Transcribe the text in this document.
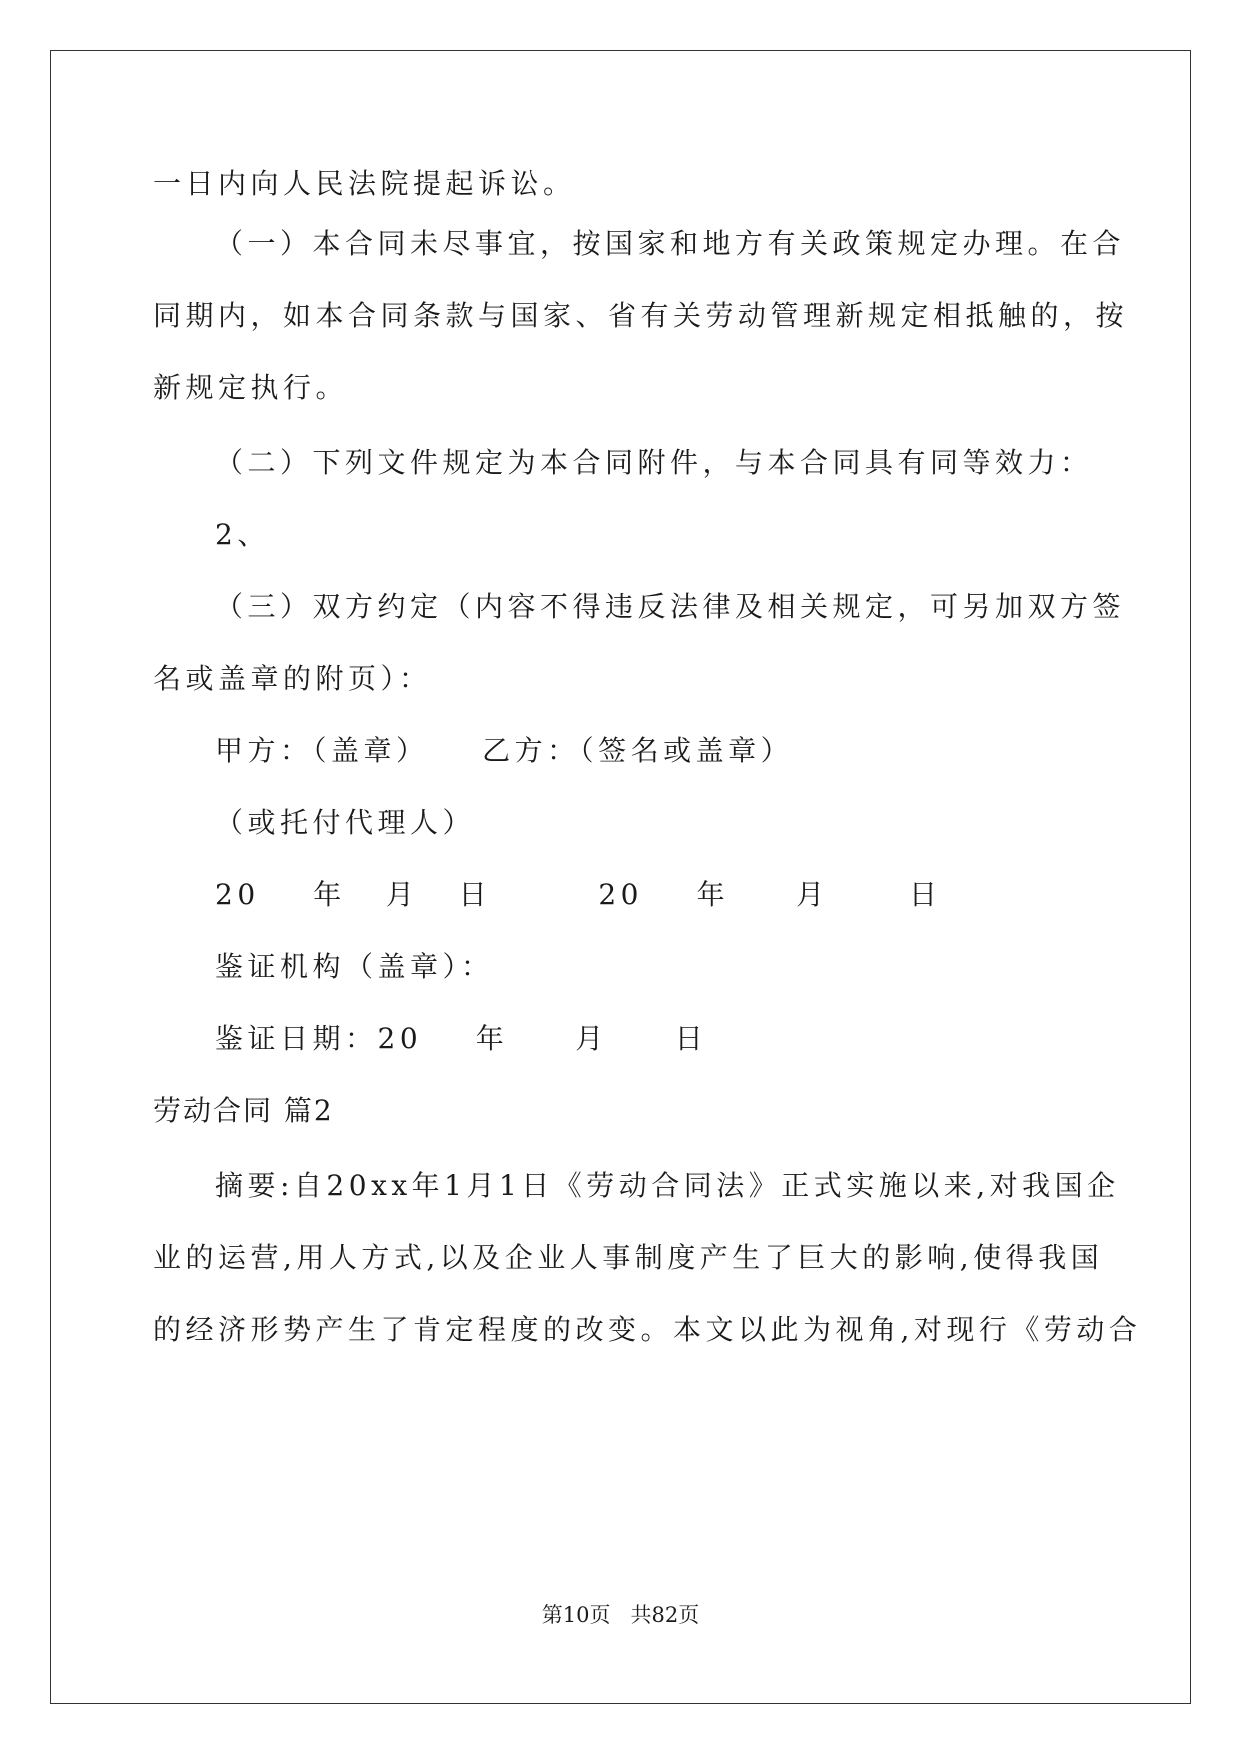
一日内向人民法院提起诉讼。
（一）本合同未尽事宜，按国家和地方有关政策规定办理。在合
同期内，如本合同条款与国家、省有关劳动管理新规定相抵触的，按
新规定执行。
（二）下列文件规定为本合同附件，与本合同具有同等效力：
2、
（三）双方约定（内容不得违反法律及相关规定，可另加双方签
名或盖章的附页）：
甲方：（盖章）    乙方：（签名或盖章）
（或托付代理人）
20    年   月   日        20    年     月      日
鉴证机构（盖章）：
鉴证日期：20    年     月     日
劳动合同 篇2
摘要:自20xx年1月1日《劳动合同法》正式实施以来,对我国企
业的运营,用人方式,以及企业人事制度产生了巨大的影响,使得我国
的经济形势产生了肯定程度的改变。本文以此为视角,对现行《劳动合
第10页   共82页
